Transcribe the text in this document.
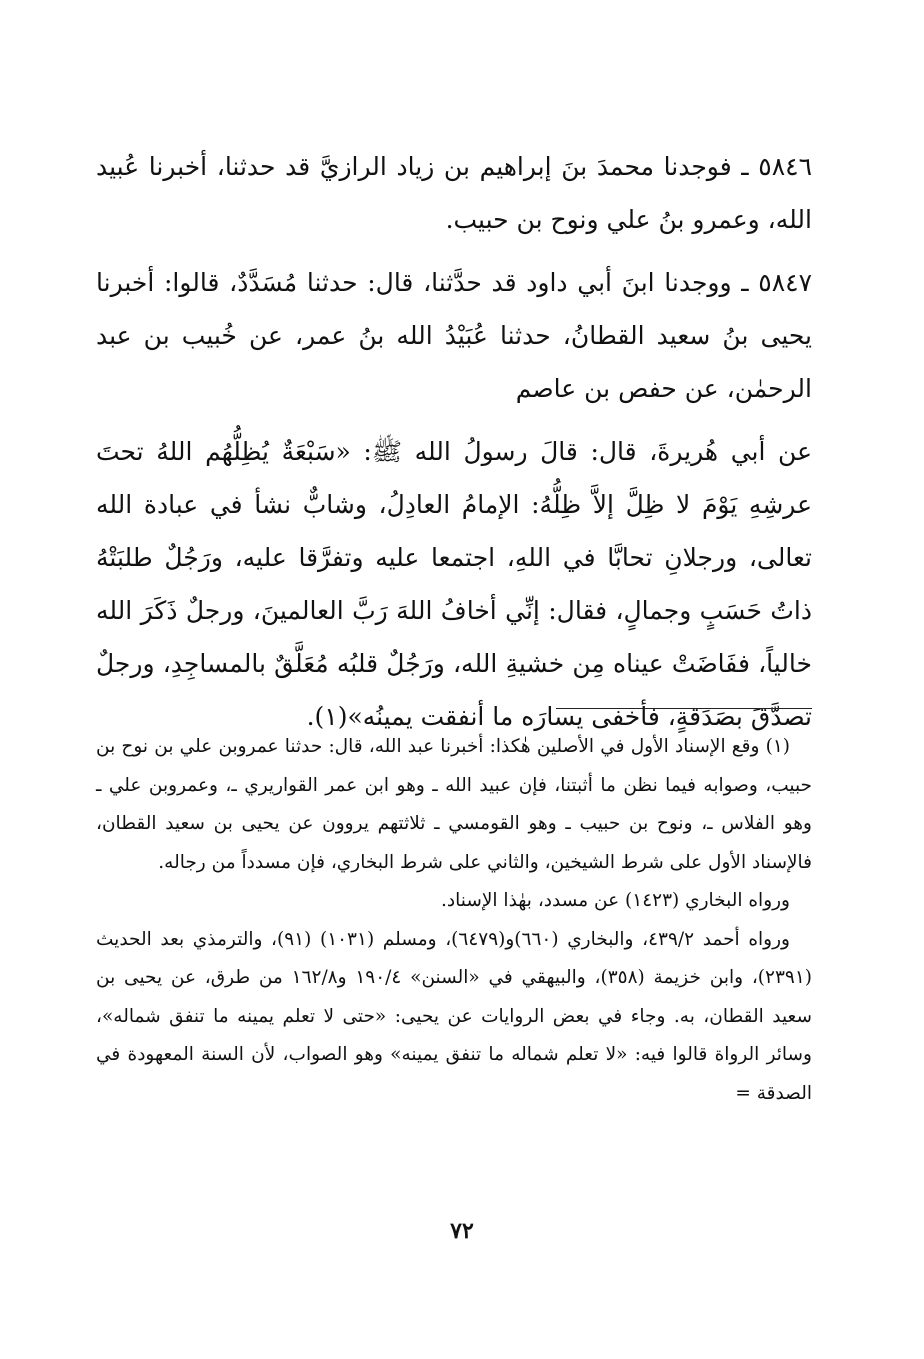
٥٨٤٦ ـ فوجدنا محمدَ بنَ إبراهيم بن زياد الرازيَّ قد حدثنا، أخبرنا عُبيد الله، وعمرو بنُ علي ونوح بن حبيب.

٥٨٤٧ ـ ووجدنا ابنَ أبي داود قد حدَّثنا، قال: حدثنا مُسَدَّدٌ، قالوا: أخبرنا يحيى بنُ سعيد القطانُ، حدثنا عُبَيْدُ الله بنُ عمر، عن خُبيب بن عبد الرحمٰن، عن حفص بن عاصم

عن أبي هُريرةَ، قال: قالَ رسولُ الله ﷺ: «سَبْعَةٌ يُظِلُّهُم اللهُ تحتَ عرشِهِ يَوْمَ لا ظِلَّ إلاَّ ظِلُّهُ: الإمامُ العادِلُ، وشابٌّ نشأ في عبادة الله تعالى، ورجلانِ تحابَّا في اللهِ، اجتمعا عليه وتفرَّقا عليه، ورَجُلٌ طلبَتْهُ ذاتُ حَسَبٍ وجمالٍ، فقال: إنِّي أخافُ اللهَ رَبَّ العالمينَ، ورجلٌ ذَكَرَ الله خالياً، ففَاضَتْ عيناه مِن خشيةِ الله، ورَجُلٌ قلبُه مُعَلَّقٌ بالمساجِدِ، ورجلٌ تصدَّقَ بصَدَقةٍ، فأخفى يسارَه ما أنفقت يمينُه»(١).

(١) وقع الإسناد الأول في الأصلين هٰكذا: أخبرنا عبد الله، قال: حدثنا عمروبن علي بن نوح بن حبيب، وصوابه فيما نظن ما أثبتنا، فإن عبيد الله ـ وهو ابن عمر القواريري ـ، وعمروبن علي ـ وهو الفلاس ـ، ونوح بن حبيب ـ وهو القومسي ـ ثلاثتهم يروون عن يحيى بن سعيد القطان، فالإسناد الأول على شرط الشيخين، والثاني على شرط البخاري، فإن مسدداً من رجاله.

ورواه البخاري (١٤٢٣) عن مسدد، بهٰذا الإسناد.

ورواه أحمد ٤٣٩/٢، والبخاري (٦٦٠)و(٦٤٧٩)، ومسلم (١٠٣١) (٩١)، والترمذي بعد الحديث (٢٣٩١)، وابن خزيمة (٣٥٨)، والبيهقي في «السنن» ١٩٠/٤ و١٦٢/٨ من طرق، عن يحيى بن سعيد القطان، به. وجاء في بعض الروايات عن يحيى: «حتى لا تعلم يمينه ما تنفق شماله»، وسائر الرواة قالوا فيه: «لا تعلم شماله ما تنفق يمينه» وهو الصواب، لأن السنة المعهودة في الصدقة =

٧٢
